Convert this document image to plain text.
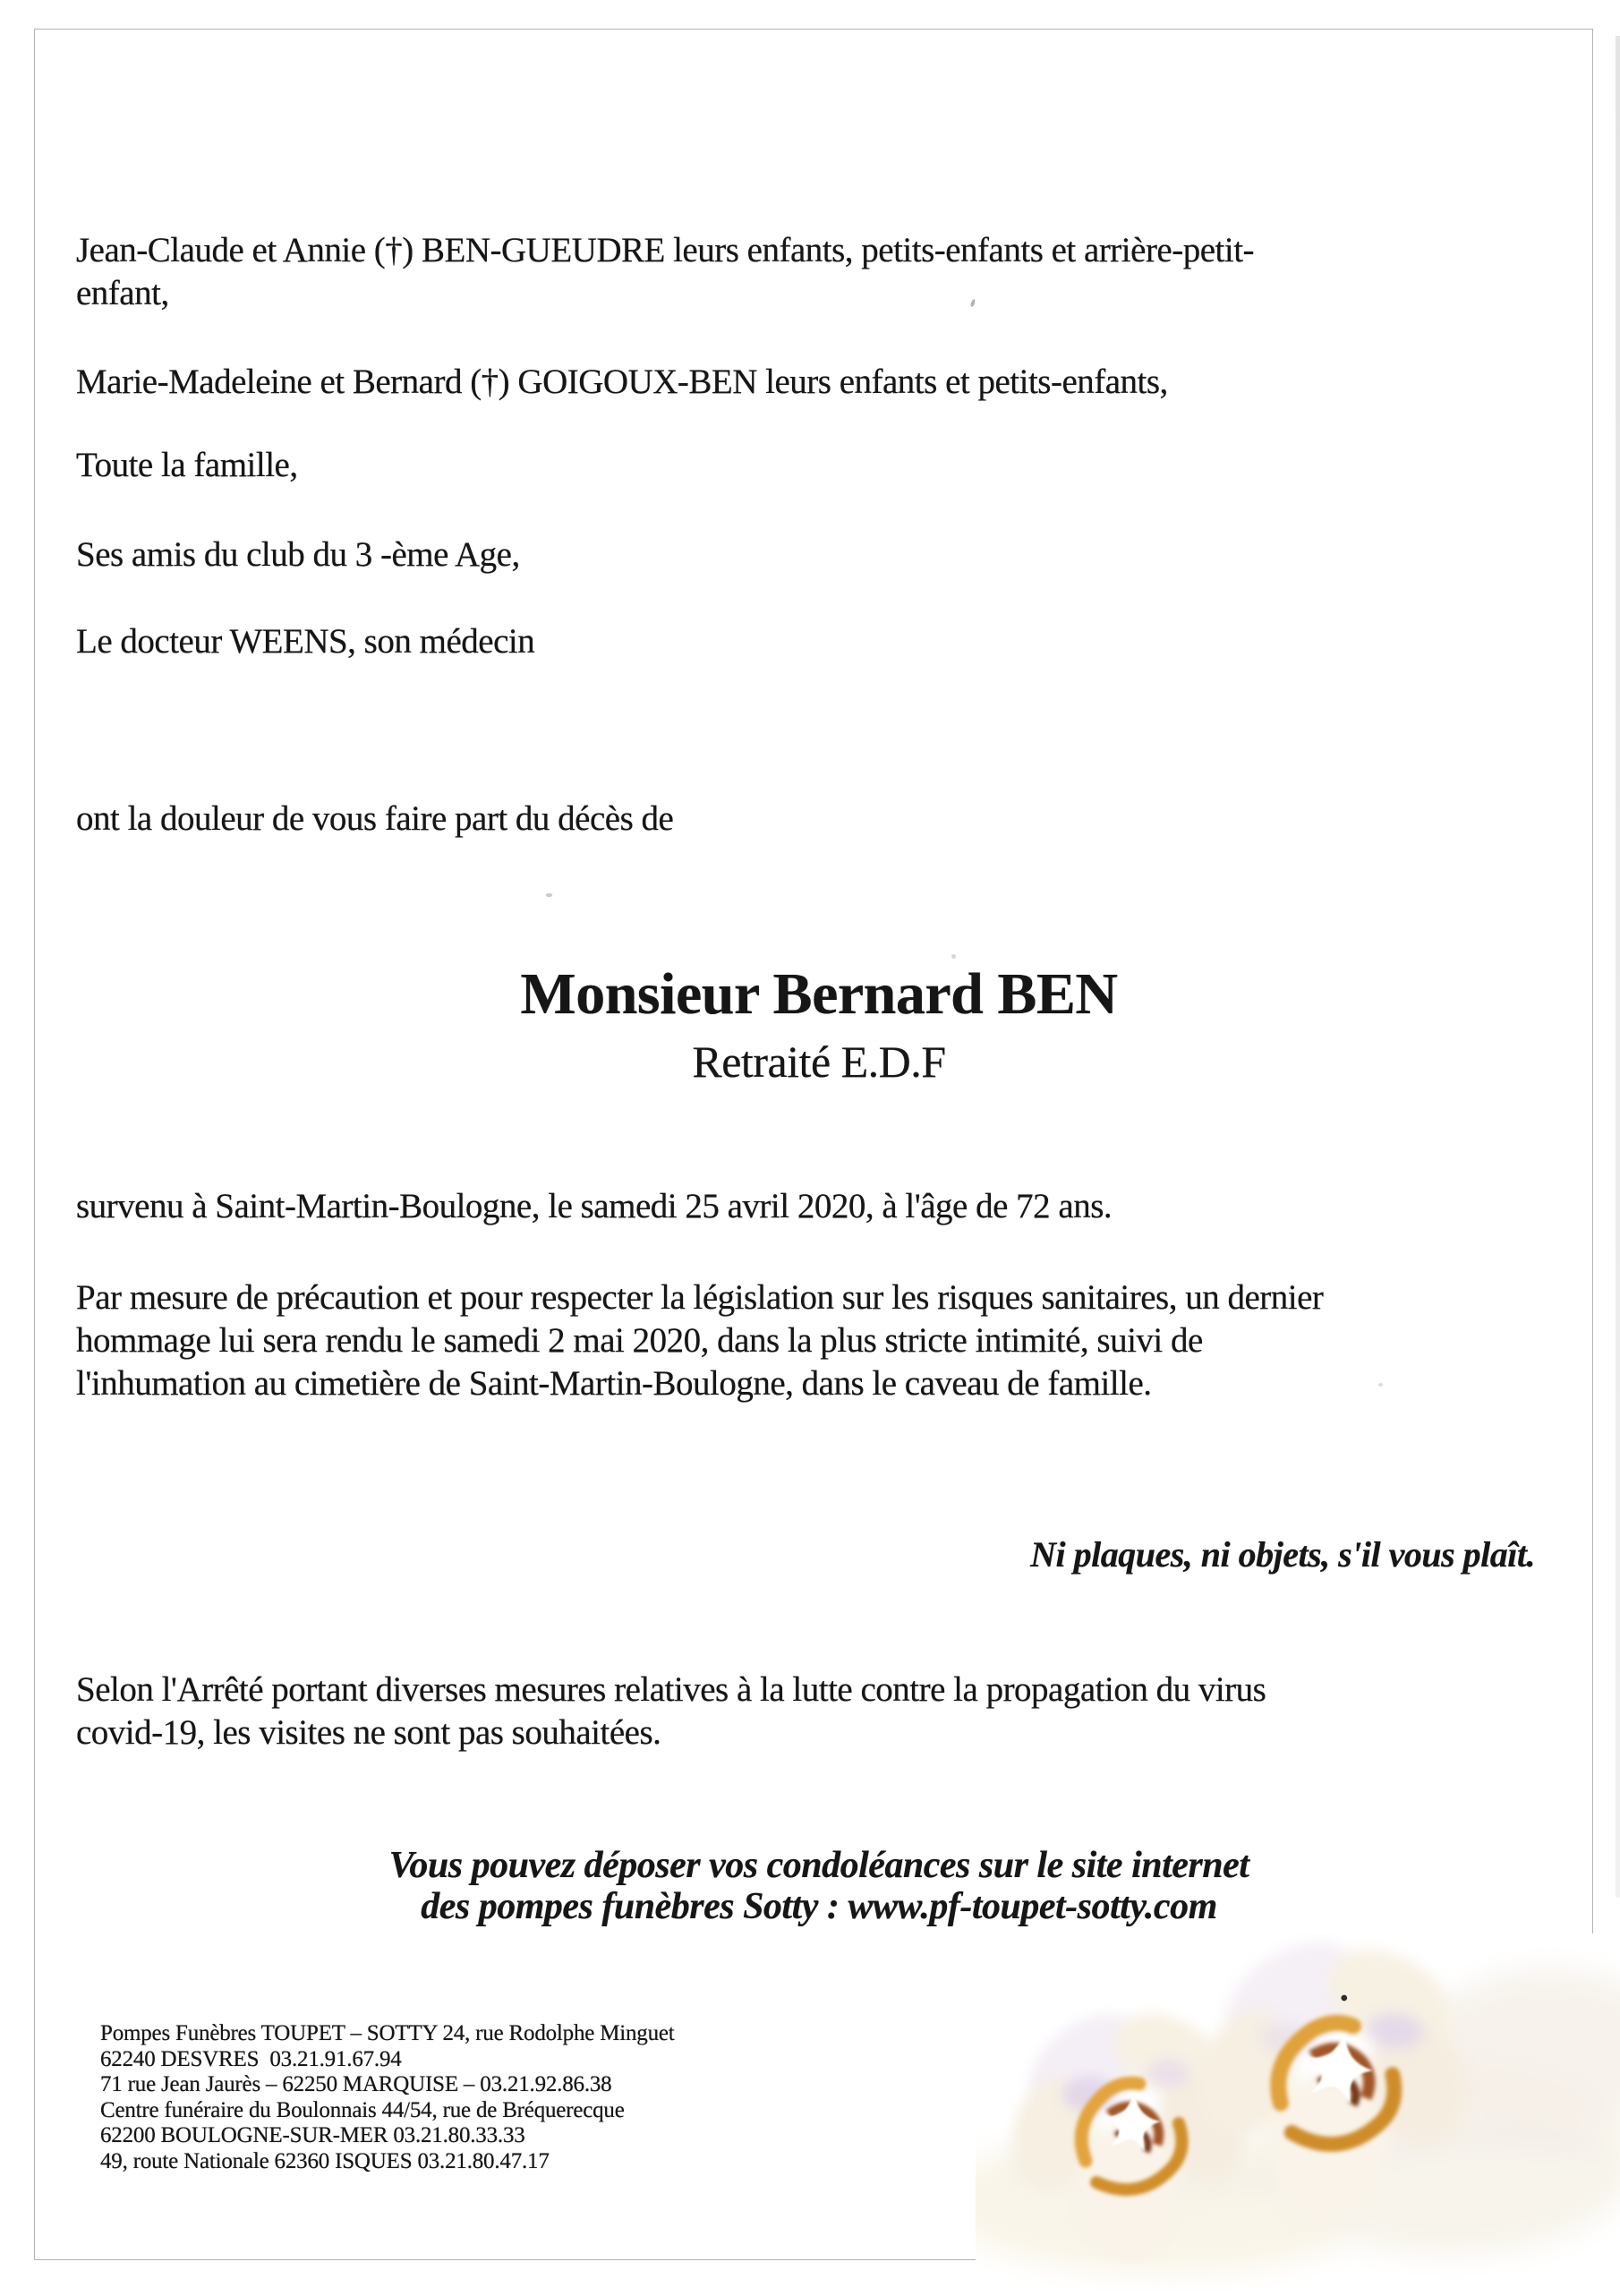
Jean-Claude et Annie (†) BEN-GUEUDRE leurs enfants, petits-enfants et arrière-petit-
enfant,
Marie-Madeleine et Bernard (†) GOIGOUX-BEN leurs enfants et petits-enfants,
Toute la famille,
Ses amis du club du 3 -ème Age,
Le docteur WEENS, son médecin
ont la douleur de vous faire part du décès de
Monsieur Bernard BEN
Retraité E.D.F
survenu à Saint-Martin-Boulogne, le samedi 25 avril 2020, à l'âge de 72 ans.
Par mesure de précaution et pour respecter la législation sur les risques sanitaires, un dernier
hommage lui sera rendu le samedi 2 mai 2020, dans la plus stricte intimité, suivi de
l'inhumation au cimetière de Saint-Martin-Boulogne, dans le caveau de famille.
Ni plaques, ni objets, s'il vous plaît.
Selon l'Arrêté portant diverses mesures relatives à la lutte contre la propagation du virus
covid-19, les visites ne sont pas souhaitées.
Vous pouvez déposer vos condoléances sur le site internet
des pompes funèbres Sotty : www.pf-toupet-sotty.com
Pompes Funèbres TOUPET – SOTTY 24, rue Rodolphe Minguet
62240 DESVRES  03.21.91.67.94
71 rue Jean Jaurès – 62250 MARQUISE – 03.21.92.86.38
Centre funéraire du Boulonnais 44/54, rue de Bréquerecque
62200 BOULOGNE-SUR-MER 03.21.80.33.33
49, route Nationale 62360 ISQUES 03.21.80.47.17
